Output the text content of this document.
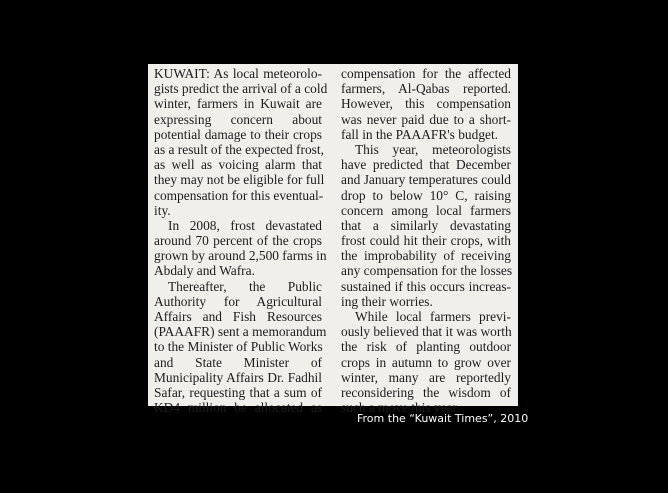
KUWAIT: As local meteorolo-
gists predict the arrival of a cold
winter, farmers in Kuwait are
expressing concern about
potential damage to their crops
as a result of the expected frost,
as well as voicing alarm that
they may not be eligible for full
compensation for this eventual-
ity.
In 2008, frost devastated
around 70 percent of the crops
grown by around 2,500 farms in
Abdaly and Wafra.
Thereafter, the Public
Authority for Agricultural
Affairs and Fish Resources
(PAAAFR) sent a memorandum
to the Minister of Public Works
and State Minister of
Municipality Affairs Dr. Fadhil
Safar, requesting that a sum of
KD4 million be allocated as
compensation for the affected
farmers, Al-Qabas reported.
However, this compensation
was never paid due to a short-
fall in the PAAAFR's budget.
This year, meteorologists
have predicted that December
and January temperatures could
drop to below 10° C, raising
concern among local farmers
that a similarly devastating
frost could hit their crops, with
the improbability of receiving
any compensation for the losses
sustained if this occurs increas-
ing their worries.
While local farmers previ-
ously believed that it was worth
the risk of planting outdoor
crops in autumn to grow over
winter, many are reportedly
reconsidering the wisdom of
such a move this year.
From the “Kuwait Times”, 2010
